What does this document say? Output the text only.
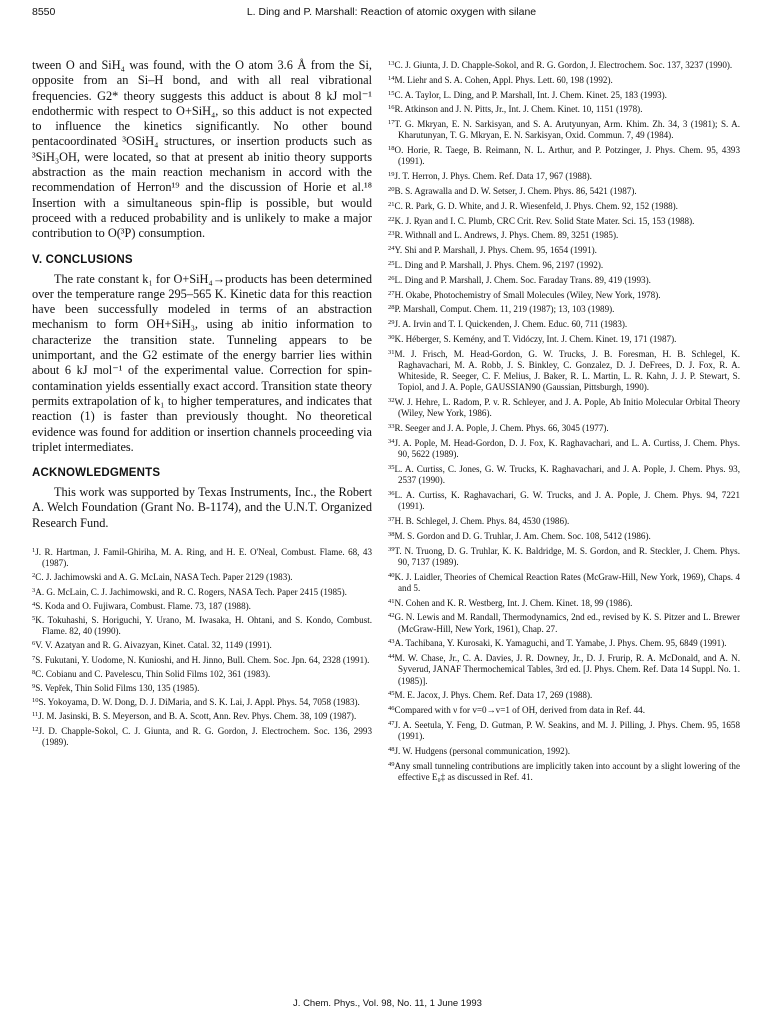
8550	L. Ding and P. Marshall: Reaction of atomic oxygen with silane

tween O and SiH₄ was found, with the O atom 3.6 Å from the Si, opposite from an Si–H bond, and with all real vibrational frequencies. G2* theory suggests this adduct is about 8 kJ mol⁻¹ endothermic with respect to O+SiH₄, so this adduct is not expected to influence the kinetics significantly. No other bound pentacoordinated ³OSiH₄ structures, or insertion products such as ³SiH₃OH, were located, so that at present ab initio theory supports abstraction as the main reaction mechanism in accord with the recommendation of Herron¹⁹ and the discussion of Horie et al.¹⁸ Insertion with a simultaneous spin-flip is possible, but would proceed with a reduced probability and is unlikely to make a major contribution to O(³P) consumption.

V. CONCLUSIONS

The rate constant k₁ for O+SiH₄→products has been determined over the temperature range 295–565 K. Kinetic data for this reaction have been successfully modeled in terms of an abstraction mechanism to form OH+SiH₃, using ab initio information to characterize the transition state. Tunneling appears to be unimportant, and the G2 estimate of the energy barrier lies within about 6 kJ mol⁻¹ of the experimental value. Correction for spin-contamination yields essentially exact accord. Transition state theory permits extrapolation of k₁ to higher temperatures, and indicates that reaction (1) is faster than previously thought. No theoretical evidence was found for addition or insertion channels proceeding via triplet intermediates.

ACKNOWLEDGMENTS

This work was supported by Texas Instruments, Inc., the Robert A. Welch Foundation (Grant No. B-1174), and the U.N.T. Organized Research Fund.

$^1$J. R. Hartman, J. Famil-Ghiriha, M. A. Ring, and H. E. O'Neal, Combust. Flame. 68, 43 (1987).

$^2$C. J. Jachimowski and A. G. McLain, NASA Tech. Paper 2129 (1983).

$^3$A. G. McLain, C. J. Jachimowski, and R. C. Rogers, NASA Tech. Paper 2415 (1985).

$^4$S. Koda and O. Fujiwara, Combust. Flame. 73, 187 (1988).

$^5$K. Tokuhashi, S. Horiguchi, Y. Urano, M. Iwasaka, H. Ohtani, and S. Kondo, Combust. Flame. 82, 40 (1990).

$^6$V. V. Azatyan and R. G. Aivazyan, Kinet. Catal. 32, 1149 (1991).

$^7$S. Fukutani, Y. Uodome, N. Kunioshi, and H. Jinno, Bull. Chem. Soc. Jpn. 64, 2328 (1991).

$^8$C. Cobianu and C. Pavelescu, Thin Solid Films 102, 361 (1983).

$^9$S. Vepřek, Thin Solid Films 130, 135 (1985).

$^{10}$S. Yokoyama, D. W. Dong, D. J. DiMaria, and S. K. Lai, J. Appl. Phys. 54, 7058 (1983).

$^{11}$J. M. Jasinski, B. S. Meyerson, and B. A. Scott, Ann. Rev. Phys. Chem. 38, 109 (1987).

$^{12}$J. D. Chapple-Sokol, C. J. Giunta, and R. G. Gordon, J. Electrochem. Soc. 136, 2993 (1989).

$^{13}$C. J. Giunta, J. D. Chapple-Sokol, and R. G. Gordon, J. Electrochem. Soc. 137, 3237 (1990).

$^{14}$M. Liehr and S. A. Cohen, Appl. Phys. Lett. 60, 198 (1992).

$^{15}$C. A. Taylor, L. Ding, and P. Marshall, Int. J. Chem. Kinet. 25, 183 (1993).

$^{16}$R. Atkinson and J. N. Pitts, Jr., Int. J. Chem. Kinet. 10, 1151 (1978).

$^{17}$T. G. Mkryan, E. N. Sarkisyan, and S. A. Arutyunyan, Arm. Khim. Zh. 34, 3 (1981); S. A. Kharutunyan, T. G. Mkryan, E. N. Sarkisyan, Oxid. Commun. 7, 49 (1984).

$^{18}$O. Horie, R. Taege, B. Reimann, N. L. Arthur, and P. Potzinger, J. Phys. Chem. 95, 4393 (1991).

$^{19}$J. T. Herron, J. Phys. Chem. Ref. Data 17, 967 (1988).

$^{20}$B. S. Agrawalla and D. W. Setser, J. Chem. Phys. 86, 5421 (1987).

$^{21}$C. R. Park, G. D. White, and J. R. Wiesenfeld, J. Phys. Chem. 92, 152 (1988).

$^{22}$K. J. Ryan and I. C. Plumb, CRC Crit. Rev. Solid State Mater. Sci. 15, 153 (1988).

$^{23}$R. Withnall and L. Andrews, J. Phys. Chem. 89, 3251 (1985).

$^{24}$Y. Shi and P. Marshall, J. Phys. Chem. 95, 1654 (1991).

$^{25}$L. Ding and P. Marshall, J. Phys. Chem. 96, 2197 (1992).

$^{26}$L. Ding and P. Marshall, J. Chem. Soc. Faraday Trans. 89, 419 (1993).

$^{27}$H. Okabe, Photochemistry of Small Molecules (Wiley, New York, 1978).

$^{28}$P. Marshall, Comput. Chem. 11, 219 (1987); 13, 103 (1989).

$^{29}$J. A. Irvin and T. I. Quickenden, J. Chem. Educ. 60, 711 (1983).

$^{30}$K. Héberger, S. Kemény, and T. Vidóczy, Int. J. Chem. Kinet. 19, 171 (1987).

$^{31}$M. J. Frisch, M. Head-Gordon, G. W. Trucks, J. B. Foresman, H. B. Schlegel, K. Raghavachari, M. A. Robb, J. S. Binkley, C. Gonzalez, D. J. DeFrees, D. J. Fox, R. A. Whiteside, R. Seeger, C. F. Melius, J. Baker, R. L. Martin, L. R. Kahn, J. J. P. Stewart, S. Topiol, and J. A. Pople, GAUSSIAN90 (Gaussian, Pittsburgh, 1990).

$^{32}$W. J. Hehre, L. Radom, P. v. R. Schleyer, and J. A. Pople, Ab Initio Molecular Orbital Theory (Wiley, New York, 1986).

$^{33}$R. Seeger and J. A. Pople, J. Chem. Phys. 66, 3045 (1977).

$^{34}$J. A. Pople, M. Head-Gordon, D. J. Fox, K. Raghavachari, and L. A. Curtiss, J. Chem. Phys. 90, 5622 (1989).

$^{35}$L. A. Curtiss, C. Jones, G. W. Trucks, K. Raghavachari, and J. A. Pople, J. Chem. Phys. 93, 2537 (1990).

$^{36}$L. A. Curtiss, K. Raghavachari, G. W. Trucks, and J. A. Pople, J. Chem. Phys. 94, 7221 (1991).

$^{37}$H. B. Schlegel, J. Chem. Phys. 84, 4530 (1986).

$^{38}$M. S. Gordon and D. G. Truhlar, J. Am. Chem. Soc. 108, 5412 (1986).

$^{39}$T. N. Truong, D. G. Truhlar, K. K. Baldridge, M. S. Gordon, and R. Steckler, J. Chem. Phys. 90, 7137 (1989).

$^{40}$K. J. Laidler, Theories of Chemical Reaction Rates (McGraw-Hill, New York, 1969), Chaps. 4 and 5.

$^{41}$N. Cohen and K. R. Westberg, Int. J. Chem. Kinet. 18, 99 (1986).

$^{42}$G. N. Lewis and M. Randall, Thermodynamics, 2nd ed., revised by K. S. Pitzer and L. Brewer (McGraw-Hill, New York, 1961), Chap. 27.

$^{43}$A. Tachibana, Y. Kurosaki, K. Yamaguchi, and T. Yamabe, J. Phys. Chem. 95, 6849 (1991).

$^{44}$M. W. Chase, Jr., C. A. Davies, J. R. Downey, Jr., D. J. Frurip, R. A. McDonald, and A. N. Syverud, JANAF Thermochemical Tables, 3rd ed. [J. Phys. Chem. Ref. Data 14 Suppl. No. 1. (1985)].

$^{45}$M. E. Jacox, J. Phys. Chem. Ref. Data 17, 269 (1988).

$^{46}$Compared with ν for v=0→v=1 of OH, derived from data in Ref. 44.

$^{47}$J. A. Seetula, Y. Feng, D. Gutman, P. W. Seakins, and M. J. Pilling, J. Phys. Chem. 95, 1658 (1991).

$^{48}$J. W. Hudgens (personal communication, 1992).

$^{49}$Any small tunneling contributions are implicitly taken into account by a slight lowering of the effective E₀‡ as discussed in Ref. 41.

J. Chem. Phys., Vol. 98, No. 11, 1 June 1993
